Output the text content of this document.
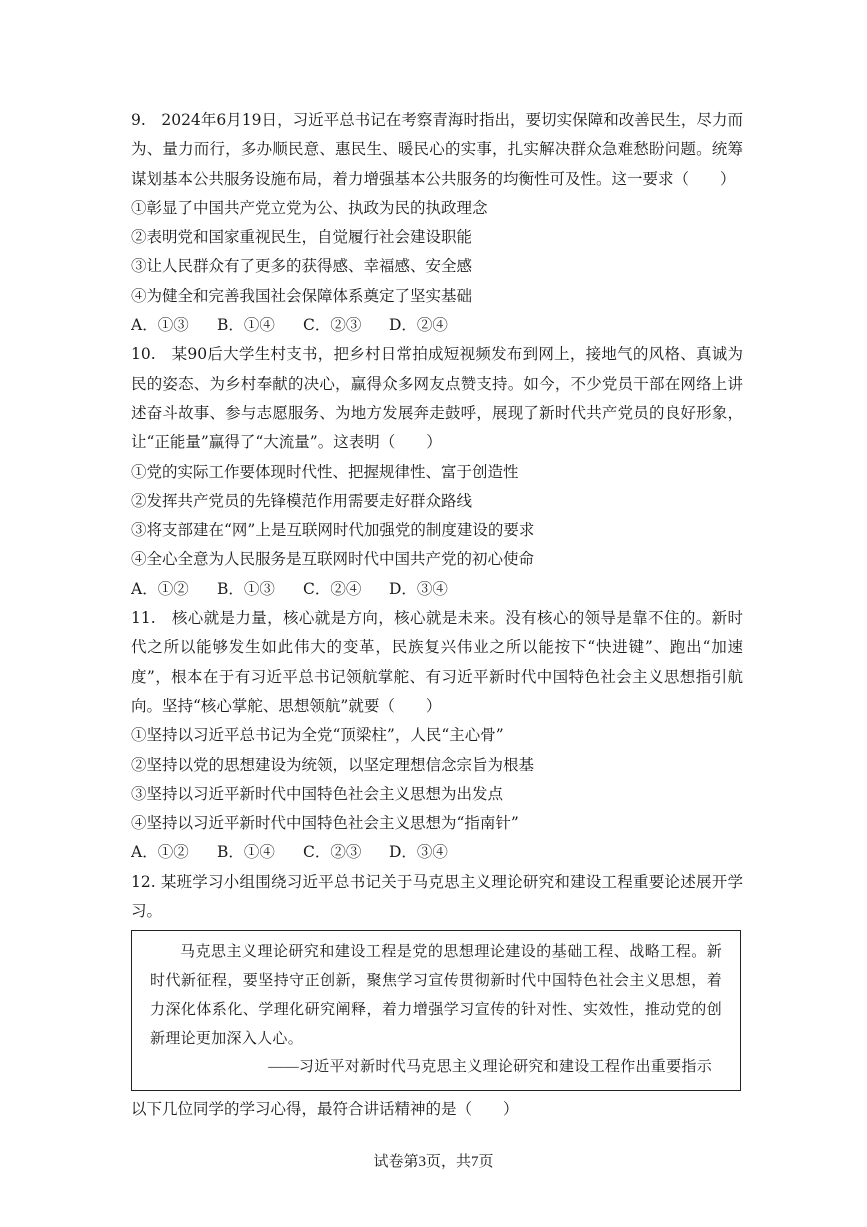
9.　2024年6月19日，习近平总书记在考察青海时指出，要切实保障和改善民生，尽力而为、量力而行，多办顺民意、惠民生、暖民心的实事，扎实解决群众急难愁盼问题。统筹谋划基本公共服务设施布局，着力增强基本公共服务的均衡性可及性。这一要求（　　）
①彰显了中国共产党立党为公、执政为民的执政理念
②表明党和国家重视民生，自觉履行社会建设职能
③让人民群众有了更多的获得感、幸福感、安全感
④为健全和完善我国社会保障体系奠定了坚实基础
A．①③	B．①④	C．②③	D．②④
10.　某90后大学生村支书，把乡村日常拍成短视频发布到网上，接地气的风格、真诚为民的姿态、为乡村奉献的决心，赢得众多网友点赞支持。如今，不少党员干部在网络上讲述奋斗故事、参与志愿服务、为地方发展奔走鼓呼，展现了新时代共产党员的良好形象，让“正能量”赢得了“大流量”。这表明（　　）
①党的实际工作要体现时代性、把握规律性、富于创造性
②发挥共产党员的先锋模范作用需要走好群众路线
③将支部建在“网”上是互联网时代加强党的制度建设的要求
④全心全意为人民服务是互联网时代中国共产党的初心使命
A．①②	B．①③	C．②④	D．③④
11.　核心就是力量，核心就是方向，核心就是未来。没有核心的领导是靠不住的。新时代之所以能够发生如此伟大的变革，民族复兴伟业之所以能按下“快进键”、跑出“加速度”，根本在于有习近平总书记领航掌舵、有习近平新时代中国特色社会主义思想指引航向。坚持“核心掌舵、思想领航”就要（　　）
①坚持以习近平总书记为全党“顶梁柱”，人民“主心骨”
②坚持以党的思想建设为统领，以坚定理想信念宗旨为根基
③坚持以习近平新时代中国特色社会主义思想为出发点
④坚持以习近平新时代中国特色社会主义思想为“指南针”
A．①②	B．①④	C．②③	D．③④
12. 某班学习小组围绕习近平总书记关于马克思主义理论研究和建设工程重要论述展开学习。
马克思主义理论研究和建设工程是党的思想理论建设的基础工程、战略工程。新时代新征程，要坚持守正创新，聚焦学习宣传贯彻新时代中国特色社会主义思想，着力深化体系化、学理化研究阐释，着力增强学习宣传的针对性、实效性，推动党的创新理论更加深入人心。
——习近平对新时代马克思主义理论研究和建设工程作出重要指示
以下几位同学的学习心得，最符合讲话精神的是（　　）
试卷第3页，共7页
